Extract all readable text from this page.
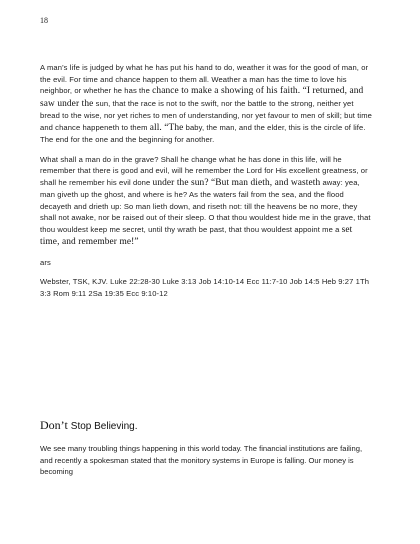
18

A man’s life is judged by what he has put his hand to do, weather it was for the good of man, or the evil. For time and chance happen to them all. Weather a man has the time to love his neighbor, or whether he has the chance to make a showing of his faith. “I returned, and saw under the sun, that the race is not to the swift, nor the battle to the strong, neither yet bread to the wise, nor yet riches to men of understanding, nor yet favour to men of skill; but time and chance happeneth to them all. “The baby, the man, and the elder, this is the circle of life. The end for the one and the beginning for another.

What shall a man do in the grave? Shall he change what he has done in this life, will he remember that there is good and evil, will he remember the Lord for His excellent greatness, or shall he remember his evil done under the sun? “But man dieth, and wasteth away: yea, man giveth up the ghost, and where is he? As the waters fail from the sea, and the flood decayeth and drieth up: So man lieth down, and riseth not: till the heavens be no more, they shall not awake, nor be raised out of their sleep. O that thou wouldest hide me in the grave, that thou wouldest keep me secret, until thy wrath be past, that thou wouldest appoint me a set time, and remember me!”

ars

Webster, TSK, KJV. Luke 22:28-30 Luke 3:13 Job 14:10-14 Ecc 11:7-10 Job 14:5 Heb 9:27 1Th 3:3 Rom 9:11 2Sa 19:35 Ecc 9:10-12

Don’t Stop Believing.

We see many troubling things happening in this world today. The financial institutions are failing, and recently a spokesman stated that the monitory systems in Europe is falling. Our money is becoming
